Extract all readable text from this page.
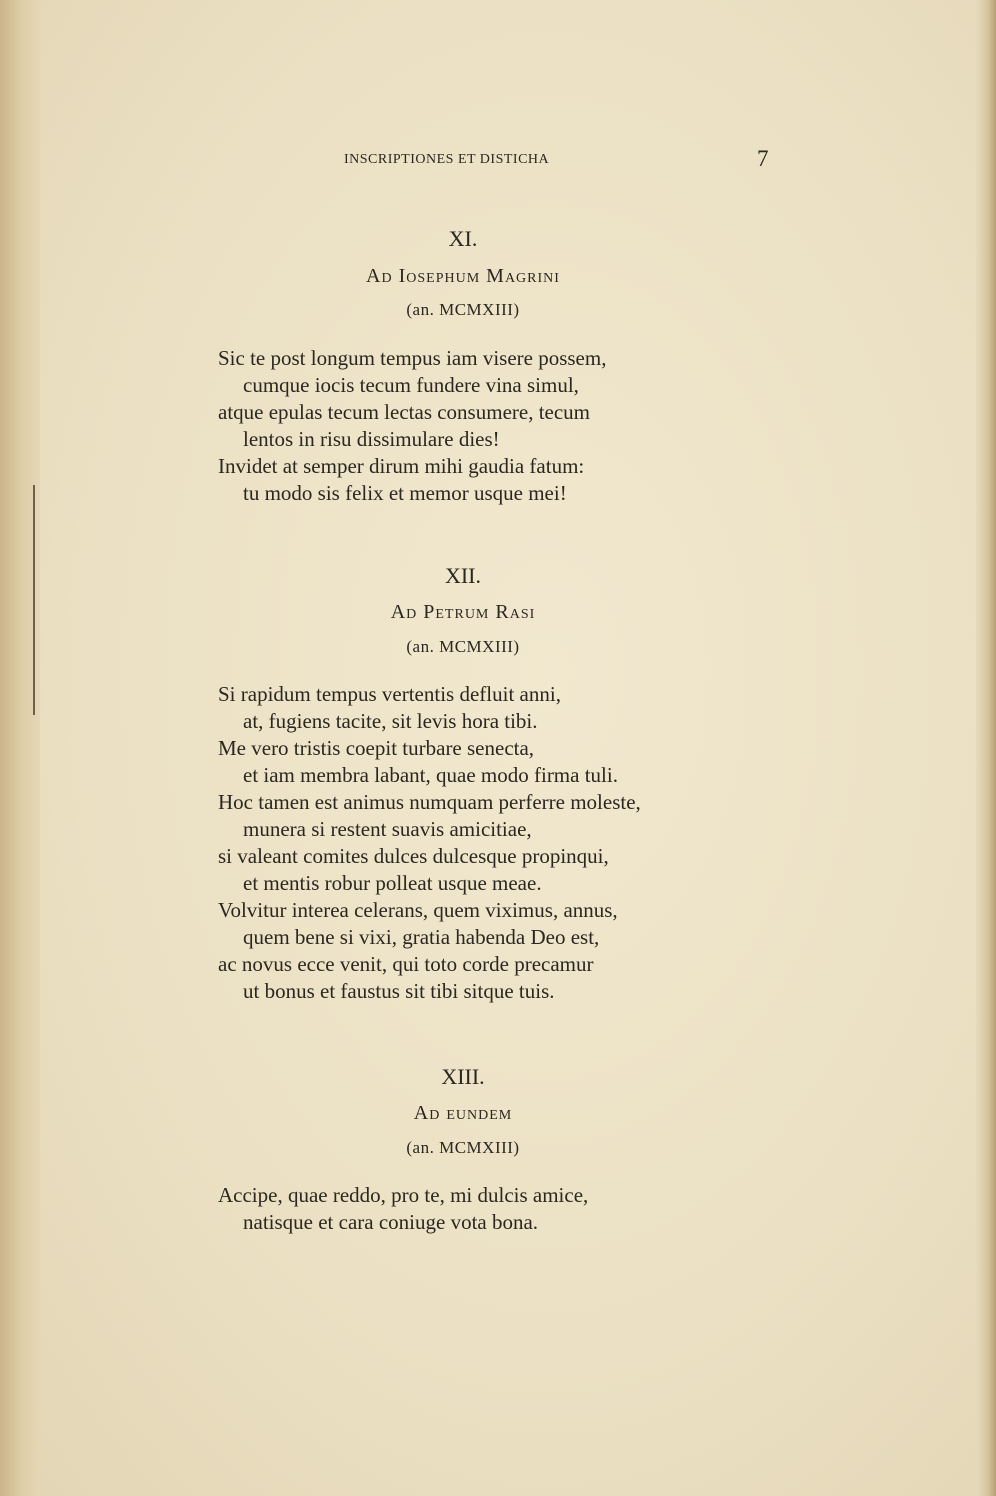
INSCRIPTIONES ET DISTICHA	7
XI.
Ad Iosephum Magrini
(an. MCMXIII)
Sic te post longum tempus iam visere possem,
cumque iocis tecum fundere vina simul,
atque epulas tecum lectas consumere, tecum
lentos in risu dissimulare dies!
Invidet at semper dirum mihi gaudia fatum:
tu modo sis felix et memor usque mei!
XII.
Ad Petrum Rasi
(an. MCMXIII)
Si rapidum tempus vertentis defluit anni,
at, fugiens tacite, sit levis hora tibi.
Me vero tristis coepit turbare senecta,
et iam membra labant, quae modo firma tuli.
Hoc tamen est animus numquam perferre moleste,
munera si restent suavis amicitiae,
si valeant comites dulces dulcesque propinqui,
et mentis robur polleat usque meae.
Volvitur interea celerans, quem viximus, annus,
quem bene si vixi, gratia habenda Deo est,
ac novus ecce venit, qui toto corde precamur
ut bonus et faustus sit tibi sitque tuis.
XIII.
Ad eundem
(an. MCMXIII)
Accipe, quae reddo, pro te, mi dulcis amice,
natisque et cara coniuge vota bona.
